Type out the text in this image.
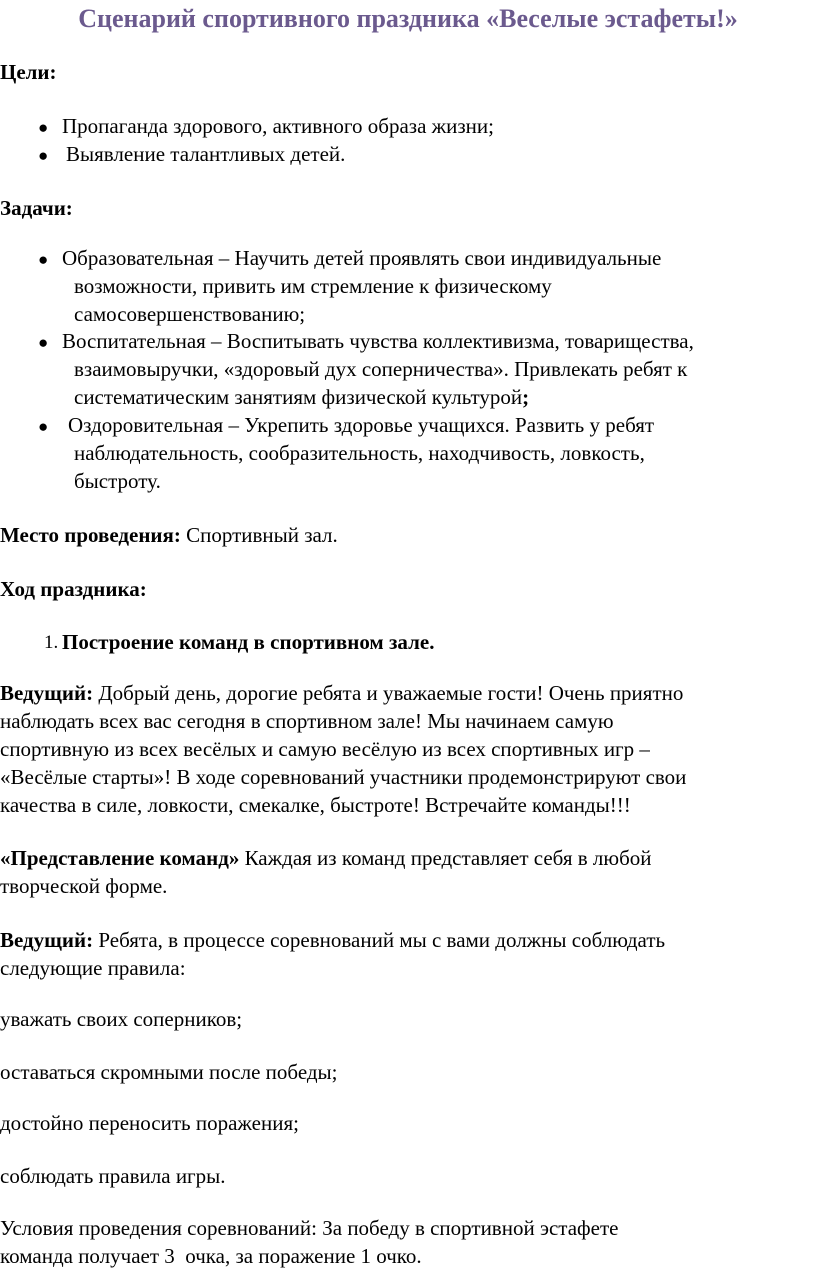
Сценарий спортивного праздника «Веселые эстафеты!»
Цели:
● Пропаганда здорового, активного образа жизни;
● Выявление талантливых детей.
Задачи:
● Образовательная – Научить детей проявлять свои индивидуальные
возможности, привить им стремление к физическому
самосовершенствованию;
● Воспитательная – Воспитывать чувства коллективизма, товарищества,
взаимовыручки, «здоровый дух соперничества». Привлекать ребят к
систематическим занятиям физической культурой;
● Оздоровительная – Укрепить здоровье учащихся. Развить у ребят
наблюдательность, сообразительность, находчивость, ловкость,
быстроту.
Место проведения: Спортивный зал.
Ход праздника:
1. Построение команд в спортивном зале.
Ведущий: Добрый день, дорогие ребята и уважаемые гости! Очень приятно
наблюдать всех вас сегодня в спортивном зале! Мы начинаем самую
спортивную из всех весёлых и самую весёлую из всех спортивных игр –
«Весёлые старты»! В ходе соревнований участники продемонстрируют свои
качества в силе, ловкости, смекалке, быстроте! Встречайте команды!!!
«Представление команд» Каждая из команд представляет себя в любой
творческой форме.
Ведущий: Ребята, в процессе соревнований мы с вами должны соблюдать
следующие правила:
уважать своих соперников;
оставаться скромными после победы;
достойно переносить поражения;
соблюдать правила игры.
Условия проведения соревнований: За победу в спортивной эстафете
команда получает 3  очка, за поражение 1 очко.
